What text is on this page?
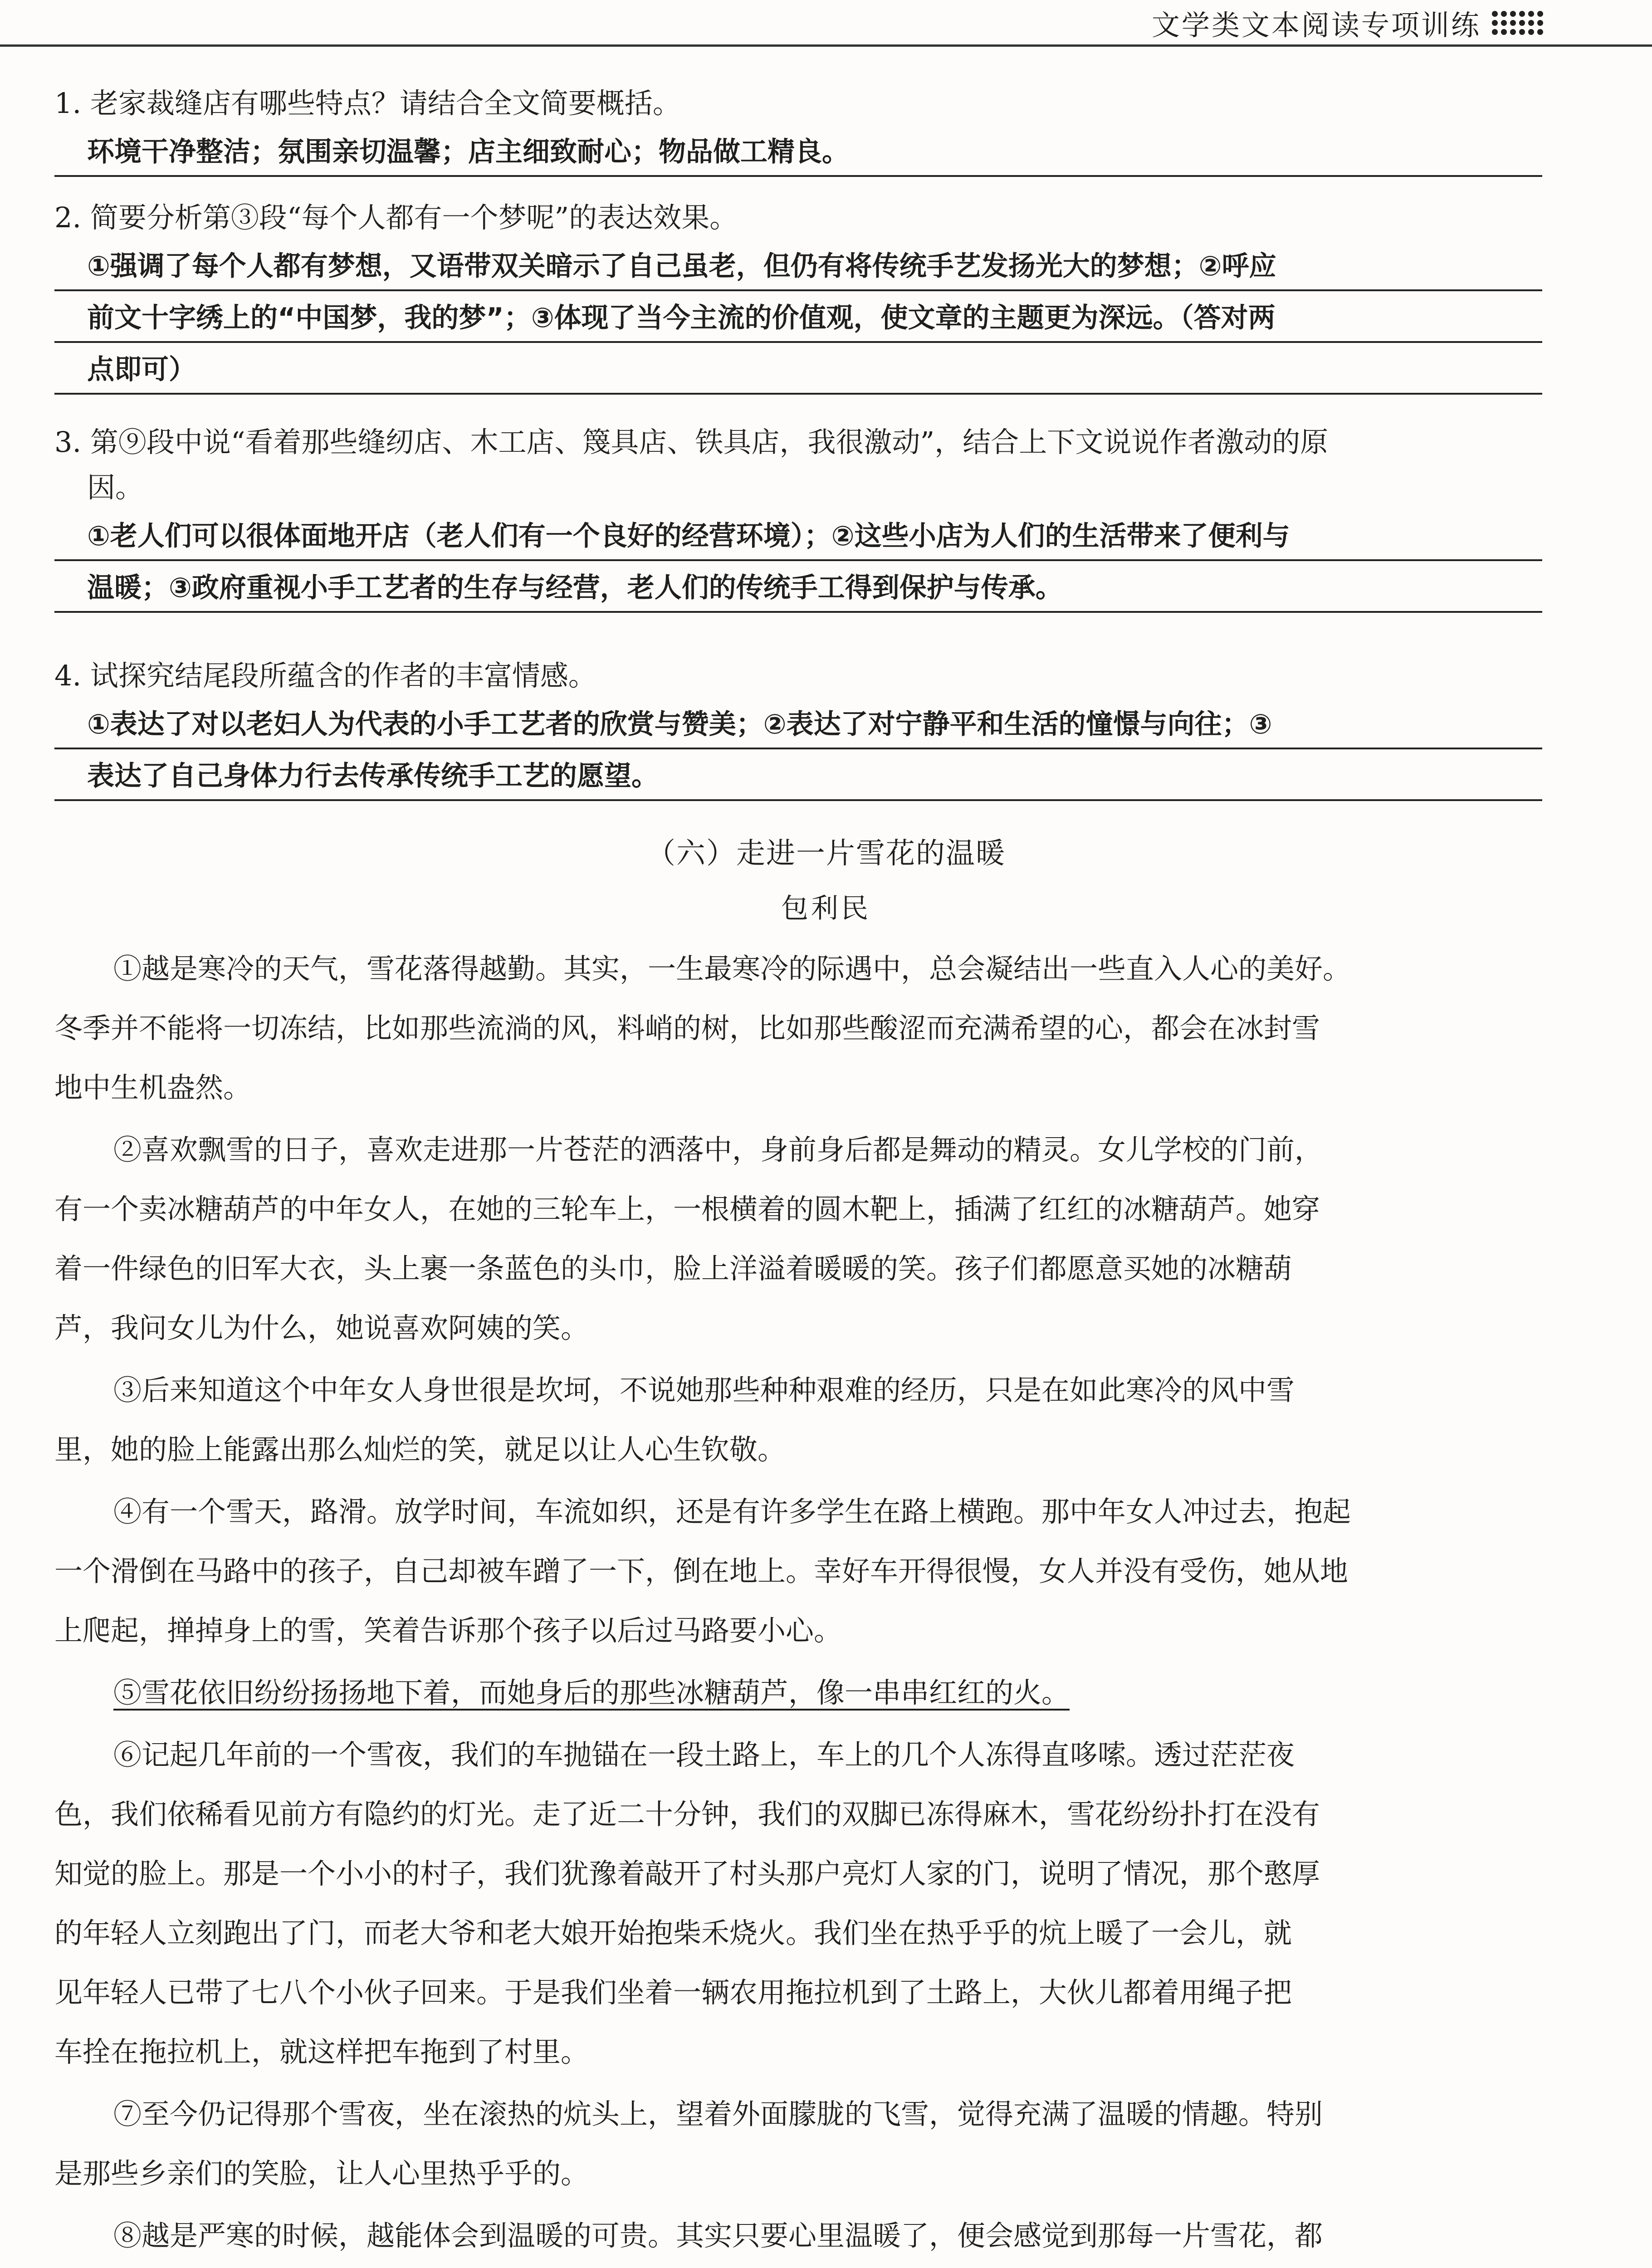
文学类文本阅读专项训练
1. 老家裁缝店有哪些特点？请结合全文简要概括。
环境干净整洁；氛围亲切温馨；店主细致耐心；物品做工精良。
2. 简要分析第③段“每个人都有一个梦呢”的表达效果。
①强调了每个人都有梦想，又语带双关暗示了自己虽老，但仍有将传统手艺发扬光大的梦想；②呼应
前文十字绣上的“中国梦，我的梦”；③体现了当今主流的价值观，使文章的主题更为深远。（答对两
点即可）
3. 第⑨段中说“看着那些缝纫店、木工店、篾具店、铁具店，我很激动”，结合上下文说说作者激动的原
因。
①老人们可以很体面地开店（老人们有一个良好的经营环境）；②这些小店为人们的生活带来了便利与
温暖；③政府重视小手工艺者的生存与经营，老人们的传统手工得到保护与传承。
4. 试探究结尾段所蕴含的作者的丰富情感。
①表达了对以老妇人为代表的小手工艺者的欣赏与赞美；②表达了对宁静平和生活的憧憬与向往；③
表达了自己身体力行去传承传统手工艺的愿望。
（六）走进一片雪花的温暖
包利民
①越是寒冷的天气，雪花落得越勤。其实，一生最寒冷的际遇中，总会凝结出一些直入人心的美好。
冬季并不能将一切冻结，比如那些流淌的风，料峭的树，比如那些酸涩而充满希望的心，都会在冰封雪
地中生机盎然。
②喜欢飘雪的日子，喜欢走进那一片苍茫的洒落中，身前身后都是舞动的精灵。女儿学校的门前，
有一个卖冰糖葫芦的中年女人，在她的三轮车上，一根横着的圆木靶上，插满了红红的冰糖葫芦。她穿
着一件绿色的旧军大衣，头上裹一条蓝色的头巾，脸上洋溢着暖暖的笑。孩子们都愿意买她的冰糖葫
芦，我问女儿为什么，她说喜欢阿姨的笑。
③后来知道这个中年女人身世很是坎坷，不说她那些种种艰难的经历，只是在如此寒冷的风中雪
里，她的脸上能露出那么灿烂的笑，就足以让人心生钦敬。
④有一个雪天，路滑。放学时间，车流如织，还是有许多学生在路上横跑。那中年女人冲过去，抱起
一个滑倒在马路中的孩子，自己却被车蹭了一下，倒在地上。幸好车开得很慢，女人并没有受伤，她从地
上爬起，掸掉身上的雪，笑着告诉那个孩子以后过马路要小心。
⑤雪花依旧纷纷扬扬地下着，而她身后的那些冰糖葫芦，像一串串红红的火。
⑥记起几年前的一个雪夜，我们的车抛锚在一段土路上，车上的几个人冻得直哆嗦。透过茫茫夜
色，我们依稀看见前方有隐约的灯光。走了近二十分钟，我们的双脚已冻得麻木，雪花纷纷扑打在没有
知觉的脸上。那是一个小小的村子，我们犹豫着敲开了村头那户亮灯人家的门，说明了情况，那个憨厚
的年轻人立刻跑出了门，而老大爷和老大娘开始抱柴禾烧火。我们坐在热乎乎的炕上暖了一会儿，就
见年轻人已带了七八个小伙子回来。于是我们坐着一辆农用拖拉机到了土路上，大伙儿都着用绳子把
车拴在拖拉机上，就这样把车拖到了村里。
⑦至今仍记得那个雪夜，坐在滚热的炕头上，望着外面朦胧的飞雪，觉得充满了温暖的情趣。特别
是那些乡亲们的笑脸，让人心里热乎乎的。
⑧越是严寒的时候，越能体会到温暖的可贵。其实只要心里温暖了，便会感觉到那每一片雪花，都
